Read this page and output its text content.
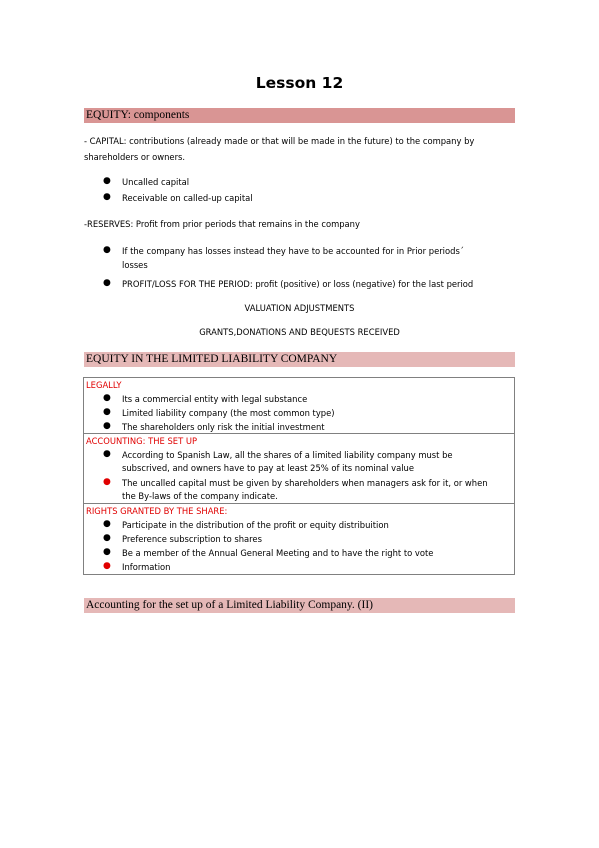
Lesson 12
EQUITY: components
- CAPITAL: contributions (already made or that will be made in the future) to the company by
shareholders or owners.
● Uncalled capital
● Receivable on called-up capital
-RESERVES: Profit from prior periods that remains in the company
● If the company has losses instead they have to be accounted for in Prior periods´
losses
● PROFIT/LOSS FOR THE PERIOD: profit (positive) or loss (negative) for the last period
VALUATION ADJUSTMENTS
GRANTS,DONATIONS AND BEQUESTS RECEIVED
EQUITY IN THE LIMITED LIABILITY COMPANY
LEGALLY
● Its a commercial entity with legal substance
● Limited liability company (the most common type)
● The shareholders only risk the initial investment
ACCOUNTING: THE SET UP
● According to Spanish Law, all the shares of a limited liability company must be
subscrived, and owners have to pay at least 25% of its nominal value
● The uncalled capital must be given by shareholders when managers ask for it, or when
the By-laws of the company indicate.
RIGHTS GRANTED BY THE SHARE:
● Participate in the distribution of the profit or equity distribuition
● Preference subscription to shares
● Be a member of the Annual General Meeting and to have the right to vote
● Information
Accounting for the set up of a Limited Liability Company. (II)
